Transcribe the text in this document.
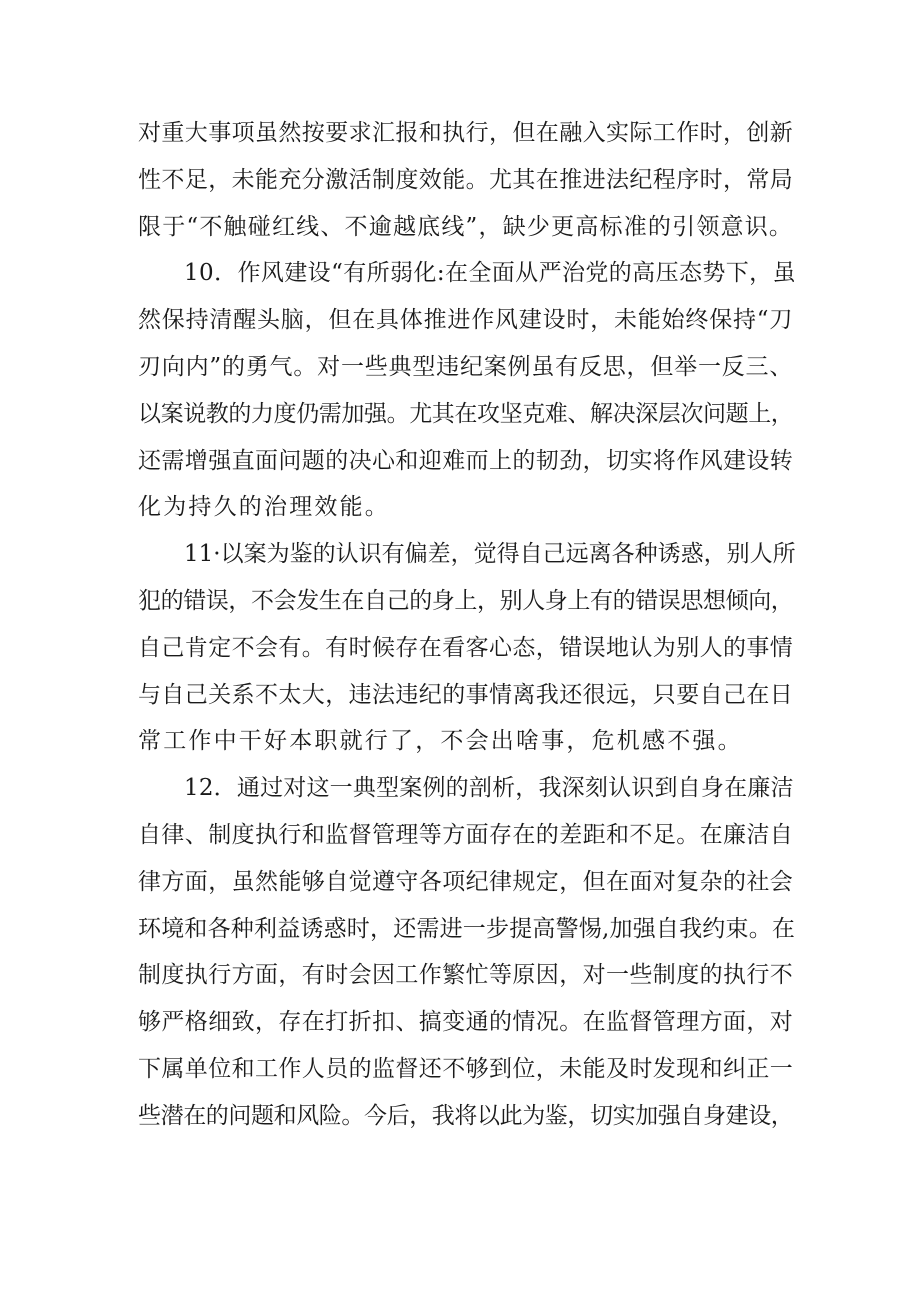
对重大事项虽然按要求汇报和执行，但在融入实际工作时，创新
性不足，未能充分激活制度效能。尤其在推进法纪程序时，常局
限于“不触碰红线、不逾越底线”，缺少更高标准的引领意识。

10．作风建设“有所弱化:在全面从严治党的高压态势下，虽
然保持清醒头脑，但在具体推进作风建设时，未能始终保持“刀
刃向内”的勇气。对一些典型违纪案例虽有反思，但举一反三、
以案说教的力度仍需加强。尤其在攻坚克难、解决深层次问题上，
还需增强直面问题的决心和迎难而上的韧劲，切实将作风建设转
化为持久的治理效能。

11·以案为鉴的认识有偏差，觉得自己远离各种诱惑，别人所
犯的错误，不会发生在自己的身上，别人身上有的错误思想倾向，
自己肯定不会有。有时候存在看客心态，错误地认为别人的事情
与自己关系不太大，违法违纪的事情离我还很远，只要自己在日
常工作中干好本职就行了，不会出啥事，危机感不强。

12．通过对这一典型案例的剖析，我深刻认识到自身在廉洁
自律、制度执行和监督管理等方面存在的差距和不足。在廉洁自
律方面，虽然能够自觉遵守各项纪律规定，但在面对复杂的社会
环境和各种利益诱惑时，还需进一步提高警惕,加强自我约束。在
制度执行方面，有时会因工作繁忙等原因，对一些制度的执行不
够严格细致，存在打折扣、搞变通的情况。在监督管理方面，对
下属单位和工作人员的监督还不够到位，未能及时发现和纠正一
些潜在的问题和风险。今后，我将以此为鉴，切实加强自身建设，
